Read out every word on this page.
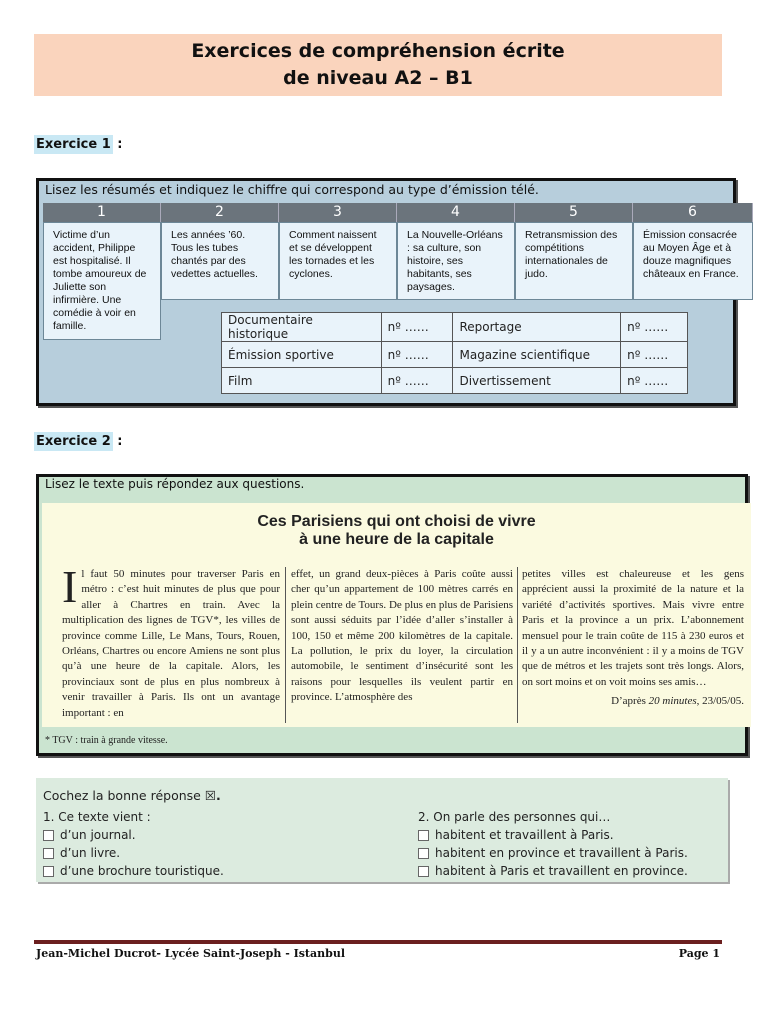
Exercices de compréhension écrite
de niveau A2 – B1
Exercice 1 :
Lisez les résumés et indiquez le chiffre qui correspond au type d’émission télé.
1
Victime d’un accident, Philippe est hospitalisé. Il tombe amoureux de Juliette son infirmière. Une comédie à voir en famille.
2
Les années ’60. Tous les tubes chantés par des vedettes actuelles.
3
Comment naissent et se développent les tornades et les cyclones.
4
La Nouvelle-Orléans : sa culture, son histoire, ses habitants, ses paysages.
5
Retransmission des compétitions internationales de judo.
6
Émission consacrée au Moyen Âge et à douze magnifiques châteaux en France.
Documentaire historique	nº ……	Reportage	nº ……
Émission sportive	nº ……	Magazine scientifique	nº ……
Film	nº ……	Divertissement	nº ……
Exercice 2 :
Lisez le texte puis répondez aux questions.
Ces Parisiens qui ont choisi de vivre
à une heure de la capitale
Il faut 50 minutes pour traverser Paris en métro : c’est huit minutes de plus que pour aller à Chartres en train. Avec la multiplication des lignes de TGV*, les villes de province comme Lille, Le Mans, Tours, Rouen, Orléans, Chartres ou encore Amiens ne sont plus qu’à une heure de la capitale. Alors, les provinciaux sont de plus en plus nombreux à venir travailler à Paris. Ils ont un avantage important : en
effet, un grand deux-pièces à Paris coûte aussi cher qu’un appartement de 100 mètres carrés en plein centre de Tours. De plus en plus de Parisiens sont aussi séduits par l’idée d’aller s’installer à 100, 150 et même 200 kilomètres de la capitale. La pollution, le prix du loyer, la circulation automobile, le sentiment d’insécurité sont les raisons pour lesquelles ils veulent partir en province. L’atmosphère des
petites villes est chaleureuse et les gens apprécient aussi la proximité de la nature et la variété d’activités sportives. Mais vivre entre Paris et la province a un prix. L’abonnement mensuel pour le train coûte de 115 à 230 euros et il y a un autre inconvénient : il y a moins de TGV que de métros et les trajets sont très longs. Alors, on sort moins et on voit moins ses amis…
D’après 20 minutes, 23/05/05.
* TGV : train à grande vitesse.
Cochez la bonne réponse ☒.
1. Ce texte vient :
d’un journal.
d’un livre.
d’une brochure touristique.
2. On parle des personnes qui…
habitent et travaillent à Paris.
habitent en province et travaillent à Paris.
habitent à Paris et travaillent en province.
Jean-Michel Ducrot- Lycée Saint-Joseph - Istanbul	Page 1
